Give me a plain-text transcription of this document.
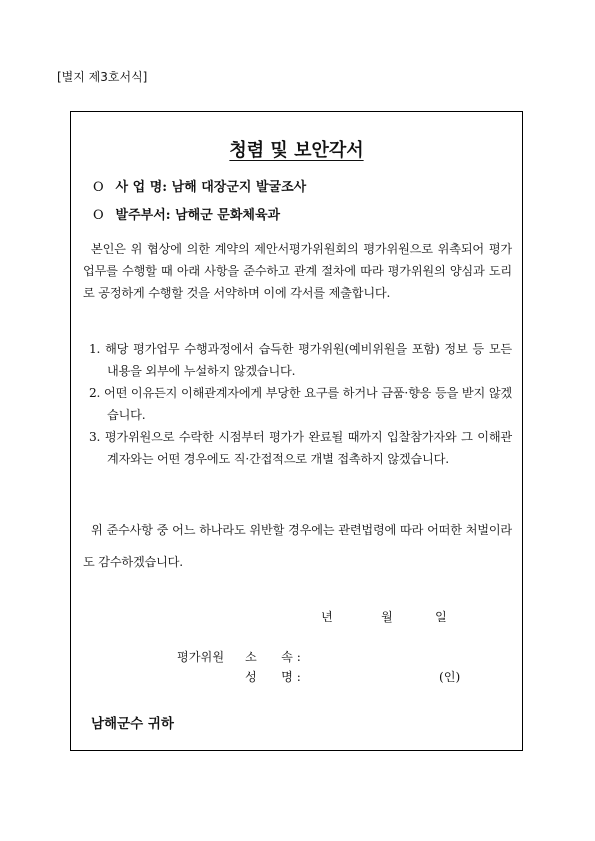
[별지 제3호서식]
청렴 및 보안각서
O 사 업 명: 남해 대장군지 발굴조사
O 발주부서: 남해군 문화체육과
본인은 위 협상에 의한 계약의 제안서평가위원회의 평가위원으로 위촉되어 평가업무를 수행할 때 아래 사항을 준수하고 관계 절차에 따라 평가위원의 양심과 도리로 공정하게 수행할 것을 서약하며 이에 각서를 제출합니다.
1. 해당 평가업무 수행과정에서 습득한 평가위원(예비위원을 포함) 정보 등 모든 내용을 외부에 누설하지 않겠습니다.
2. 어떤 이유든지 이해관계자에게 부당한 요구를 하거나 금품·향응 등을 받지 않겠습니다.
3. 평가위원으로 수락한 시점부터 평가가 완료될 때까지 입찰참가자와 그 이해관계자와는 어떤 경우에도 직·간접적으로 개별 접촉하지 않겠습니다.
위 준수사항 중 어느 하나라도 위반할 경우에는 관련법령에 따라 어떠한 처벌이라도 감수하겠습니다.
년	월	일
평가위원 소　　속 :
성　　명 :	(인)
남해군수 귀하
